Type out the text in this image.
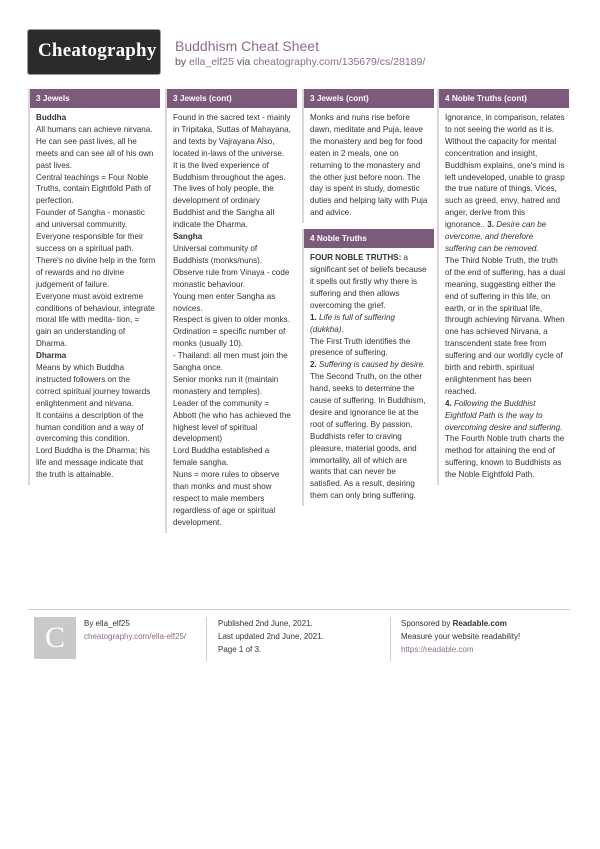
Cheatography Buddhism Cheat Sheet
by ella_elf25 via cheatography.com/135679/cs/28189/
3 Jewels

Buddha

All humans can achieve nirvana.

He can see past lives, all he meets and can see all of his own past lives.

Central teachings = Four Noble Truths, contain Eightfold Path of perfection.

Founder of Sangha - monastic and universal community.

Everyone responsible for their success on a spiritual path.

There's no divine help in the form of rewards and no divine judgement of failure.

Everyone must avoid extreme conditions of behaviour, integrate moral life with medita- tion, = gain an understanding of Dharma.

Dharma

Means by which Buddha instructed followers on the correct spiritual journey towards enlightenment and nirvana.

It contains a description of the human condition and a way of overcoming this condition.

Lord Buddha is the Dharma; his life and message indicate that the truth is attainable.

3 Jewels (cont)

Found in the sacred text - mainly in Tripitaka, Suttas of Mahayana, and texts by Vajrayana Also, located in-laws of the universe.

It is the lived experience of Buddhism throughout the ages.

The lives of holy people, the development of ordinary Buddhist and the Sangha all indicate the Dharma.

Sangha

Universal community of Buddhists (monks/nuns).

Observe rule from Vinaya - code monastic behaviour.

Young men enter Sangha as novices.

Respect is given to older monks.

Ordination = specific number of monks (usually 10).

- Thailand: all men must join the Sangha once.

Senior monks run it (maintain monastery and temples).

Leader of the community = Abbott (he who has achieved the highest level of spiritual development)

Lord Buddha established a female sangha.

Nuns = more rules to observe than monks and must show respect to male members regardless of age or spiritual development.

3 Jewels (cont)

Monks and nuns rise before dawn, meditate and Puja, leave the monastery and beg for food eaten in 2 meals, one on returning to the monastery and the other just before noon. The day is spent in study, domestic duties and helping laity with Puja and advice.

4 Noble Truths

FOUR NOBLE TRUTHS: a significant set of beliefs because it spells out firstly why there is suffering and then allows overcoming the grief.

1. Life is full of suffering (dukkha).

The First Truth identifies the presence of suffering.

2. Suffering is caused by desire. The Second Truth, on the other hand, seeks to determine the cause of suffering. In Buddhism, desire and ignorance lie at the root of suffering. By passion, Buddhists refer to craving pleasure, material goods, and immortality, all of which are wants that can never be satisfied. As a result, desiring them can only bring suffering.

4 Noble Truths (cont)

Ignorance, in comparison, relates to not seeing the world as it is. Without the capacity for mental concentration and insight, Buddhism explains, one's mind is left undeveloped, unable to grasp the true nature of things. Vices, such as greed, envy, hatred and anger, derive from this ignorance.. 3. Desire can be overcome, and therefore suffering can be removed.

The Third Noble Truth, the truth of the end of suffering, has a dual meaning, suggesting either the end of suffering in this life, on earth, or in the spiritual life, through achieving Nirvana. When one has achieved Nirvana, a transcendent state free from suffering and our worldly cycle of birth and rebirth, spiritual enlightenment has been reached.

4. Following the Buddhist Eightfold Path is the way to overcoming desire and suffering.

The Fourth Noble truth charts the method for attaining the end of suffering, known to Buddhists as the Noble Eightfold Path.

C	By ella_elf25
cheatography.com/ella-elf25/
Published 2nd June, 2021.
Last updated 2nd June, 2021.
Page 1 of 3.
Sponsored by Readable.com
Measure your website readability!
https://readable.com
